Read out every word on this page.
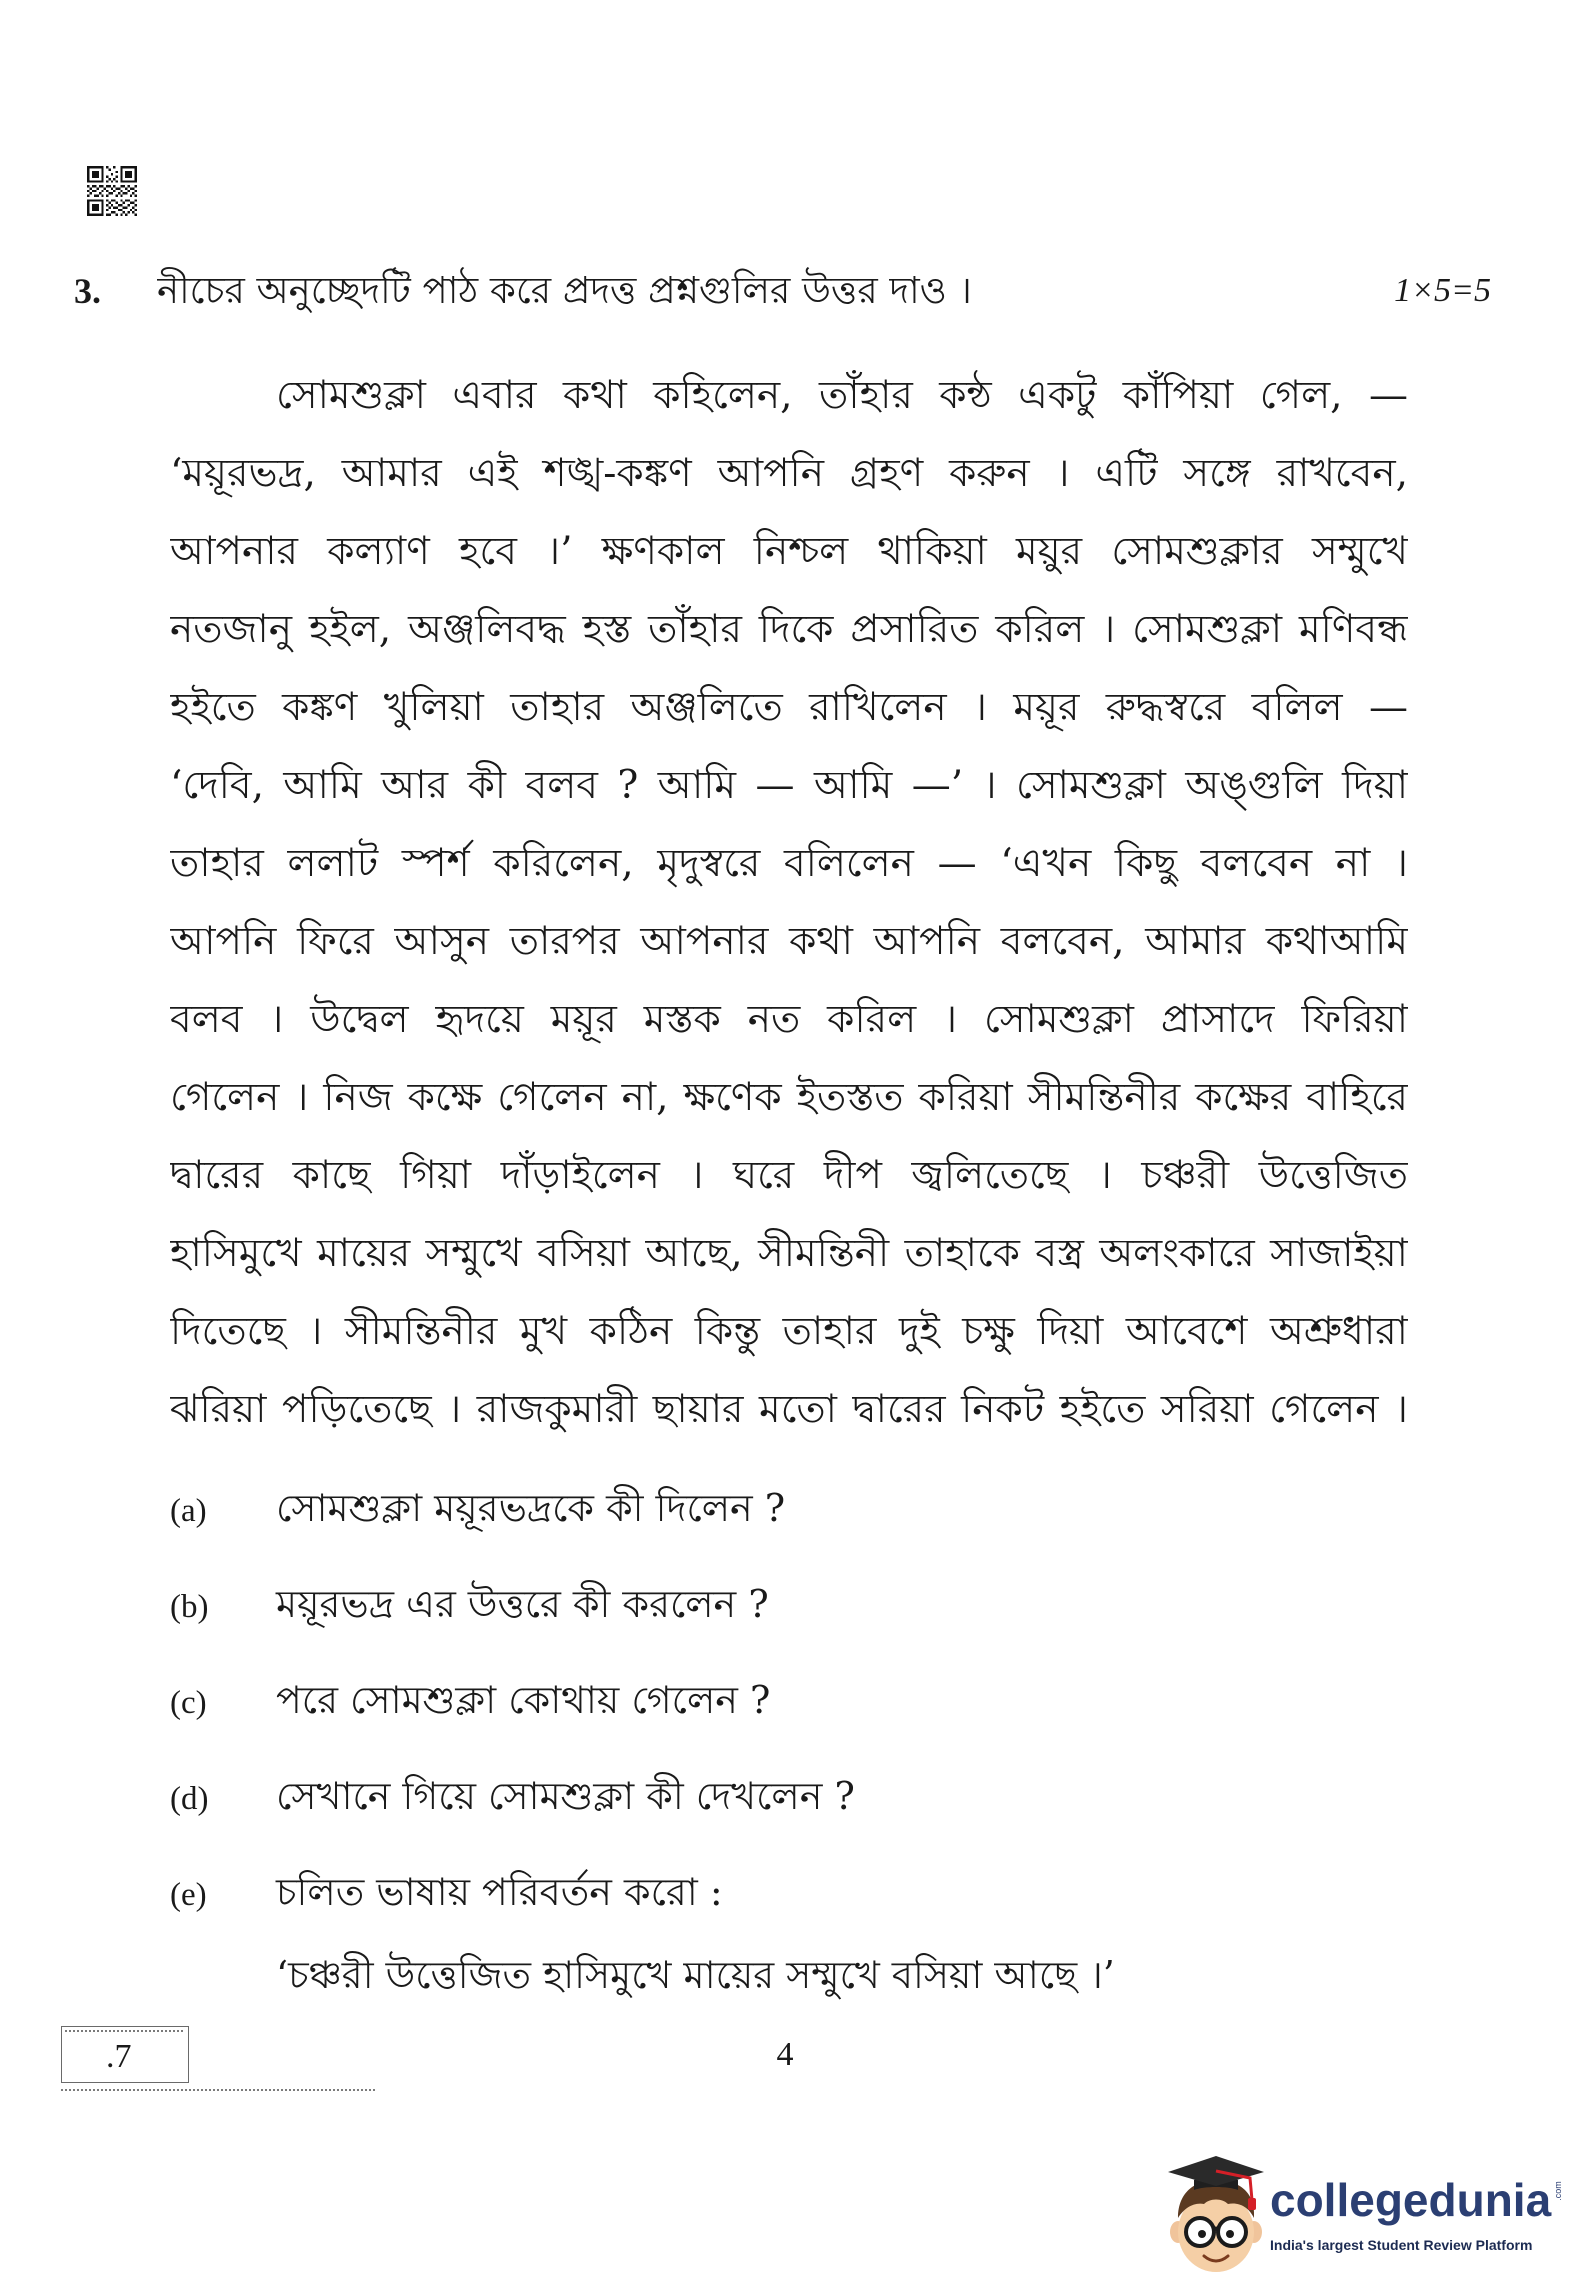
3. নীচের অনুচ্ছেদটি পাঠ করে প্রদত্ত প্রশ্নগুলির উত্তর দাও ।	1×5=5
সোমশুক্লা এবার কথা কহিলেন, তাঁহার কন্ঠ একটু কাঁপিয়া গেল, —
‘ময়ূরভদ্র, আমার এই শঙ্খ-কঙ্কণ আপনি গ্রহণ করুন । এটি সঙ্গে রাখবেন,
আপনার কল্যাণ হবে ।’ ক্ষণকাল নিশ্চল থাকিয়া ময়ুর সোমশুক্লার সম্মুখে
নতজানু হইল, অঞ্জলিবদ্ধ হস্ত তাঁহার দিকে প্রসারিত করিল । সোমশুক্লা মণিবন্ধ
হইতে কঙ্কণ খুলিয়া তাহার অঞ্জলিতে রাখিলেন । ময়ূর রুদ্ধস্বরে বলিল —
‘দেবি, আমি আর কী বলব ? আমি — আমি —’ । সোমশুক্লা অঙ্গুলি দিয়া
তাহার ললাট স্পর্শ করিলেন, মৃদুস্বরে বলিলেন — ‘এখন কিছু বলবেন না ।
আপনি ফিরে আসুন তারপর আপনার কথা আপনি বলবেন, আমার কথাআমি
বলব । উদ্বেল হৃদয়ে ময়ূর মস্তক নত করিল । সোমশুক্লা প্রাসাদে ফিরিয়া
গেলেন । নিজ কক্ষে গেলেন না, ক্ষণেক ইতস্তত করিয়া সীমন্তিনীর কক্ষের বাহিরে
দ্বারের কাছে গিয়া দাঁড়াইলেন । ঘরে দীপ জ্বলিতেছে । চঞ্চরী উত্তেজিত
হাসিমুখে মায়ের সম্মুখে বসিয়া আছে, সীমন্তিনী তাহাকে বস্ত্র অলংকারে সাজাইয়া
দিতেছে । সীমন্তিনীর মুখ কঠিন কিন্তু তাহার দুই চক্ষু দিয়া আবেশে অশ্রুধারা
ঝরিয়া পড়িতেছে । রাজকুমারী ছায়ার মতো দ্বারের নিকট হইতে সরিয়া গেলেন ।
(a) সোমশুক্লা ময়ূরভদ্রকে কী দিলেন ?
(b) ময়ূরভদ্র এর উত্তরে কী করলেন ?
(c) পরে সোমশুক্লা কোথায় গেলেন ?
(d) সেখানে গিয়ে সোমশুক্লা কী দেখলেন ?
(e) চলিত ভাষায় পরিবর্তন করো :
‘চঞ্চরী উত্তেজিত হাসিমুখে মায়ের সম্মুখে বসিয়া আছে ।’
.7	4
collegedunia .com
India's largest Student Review Platform
